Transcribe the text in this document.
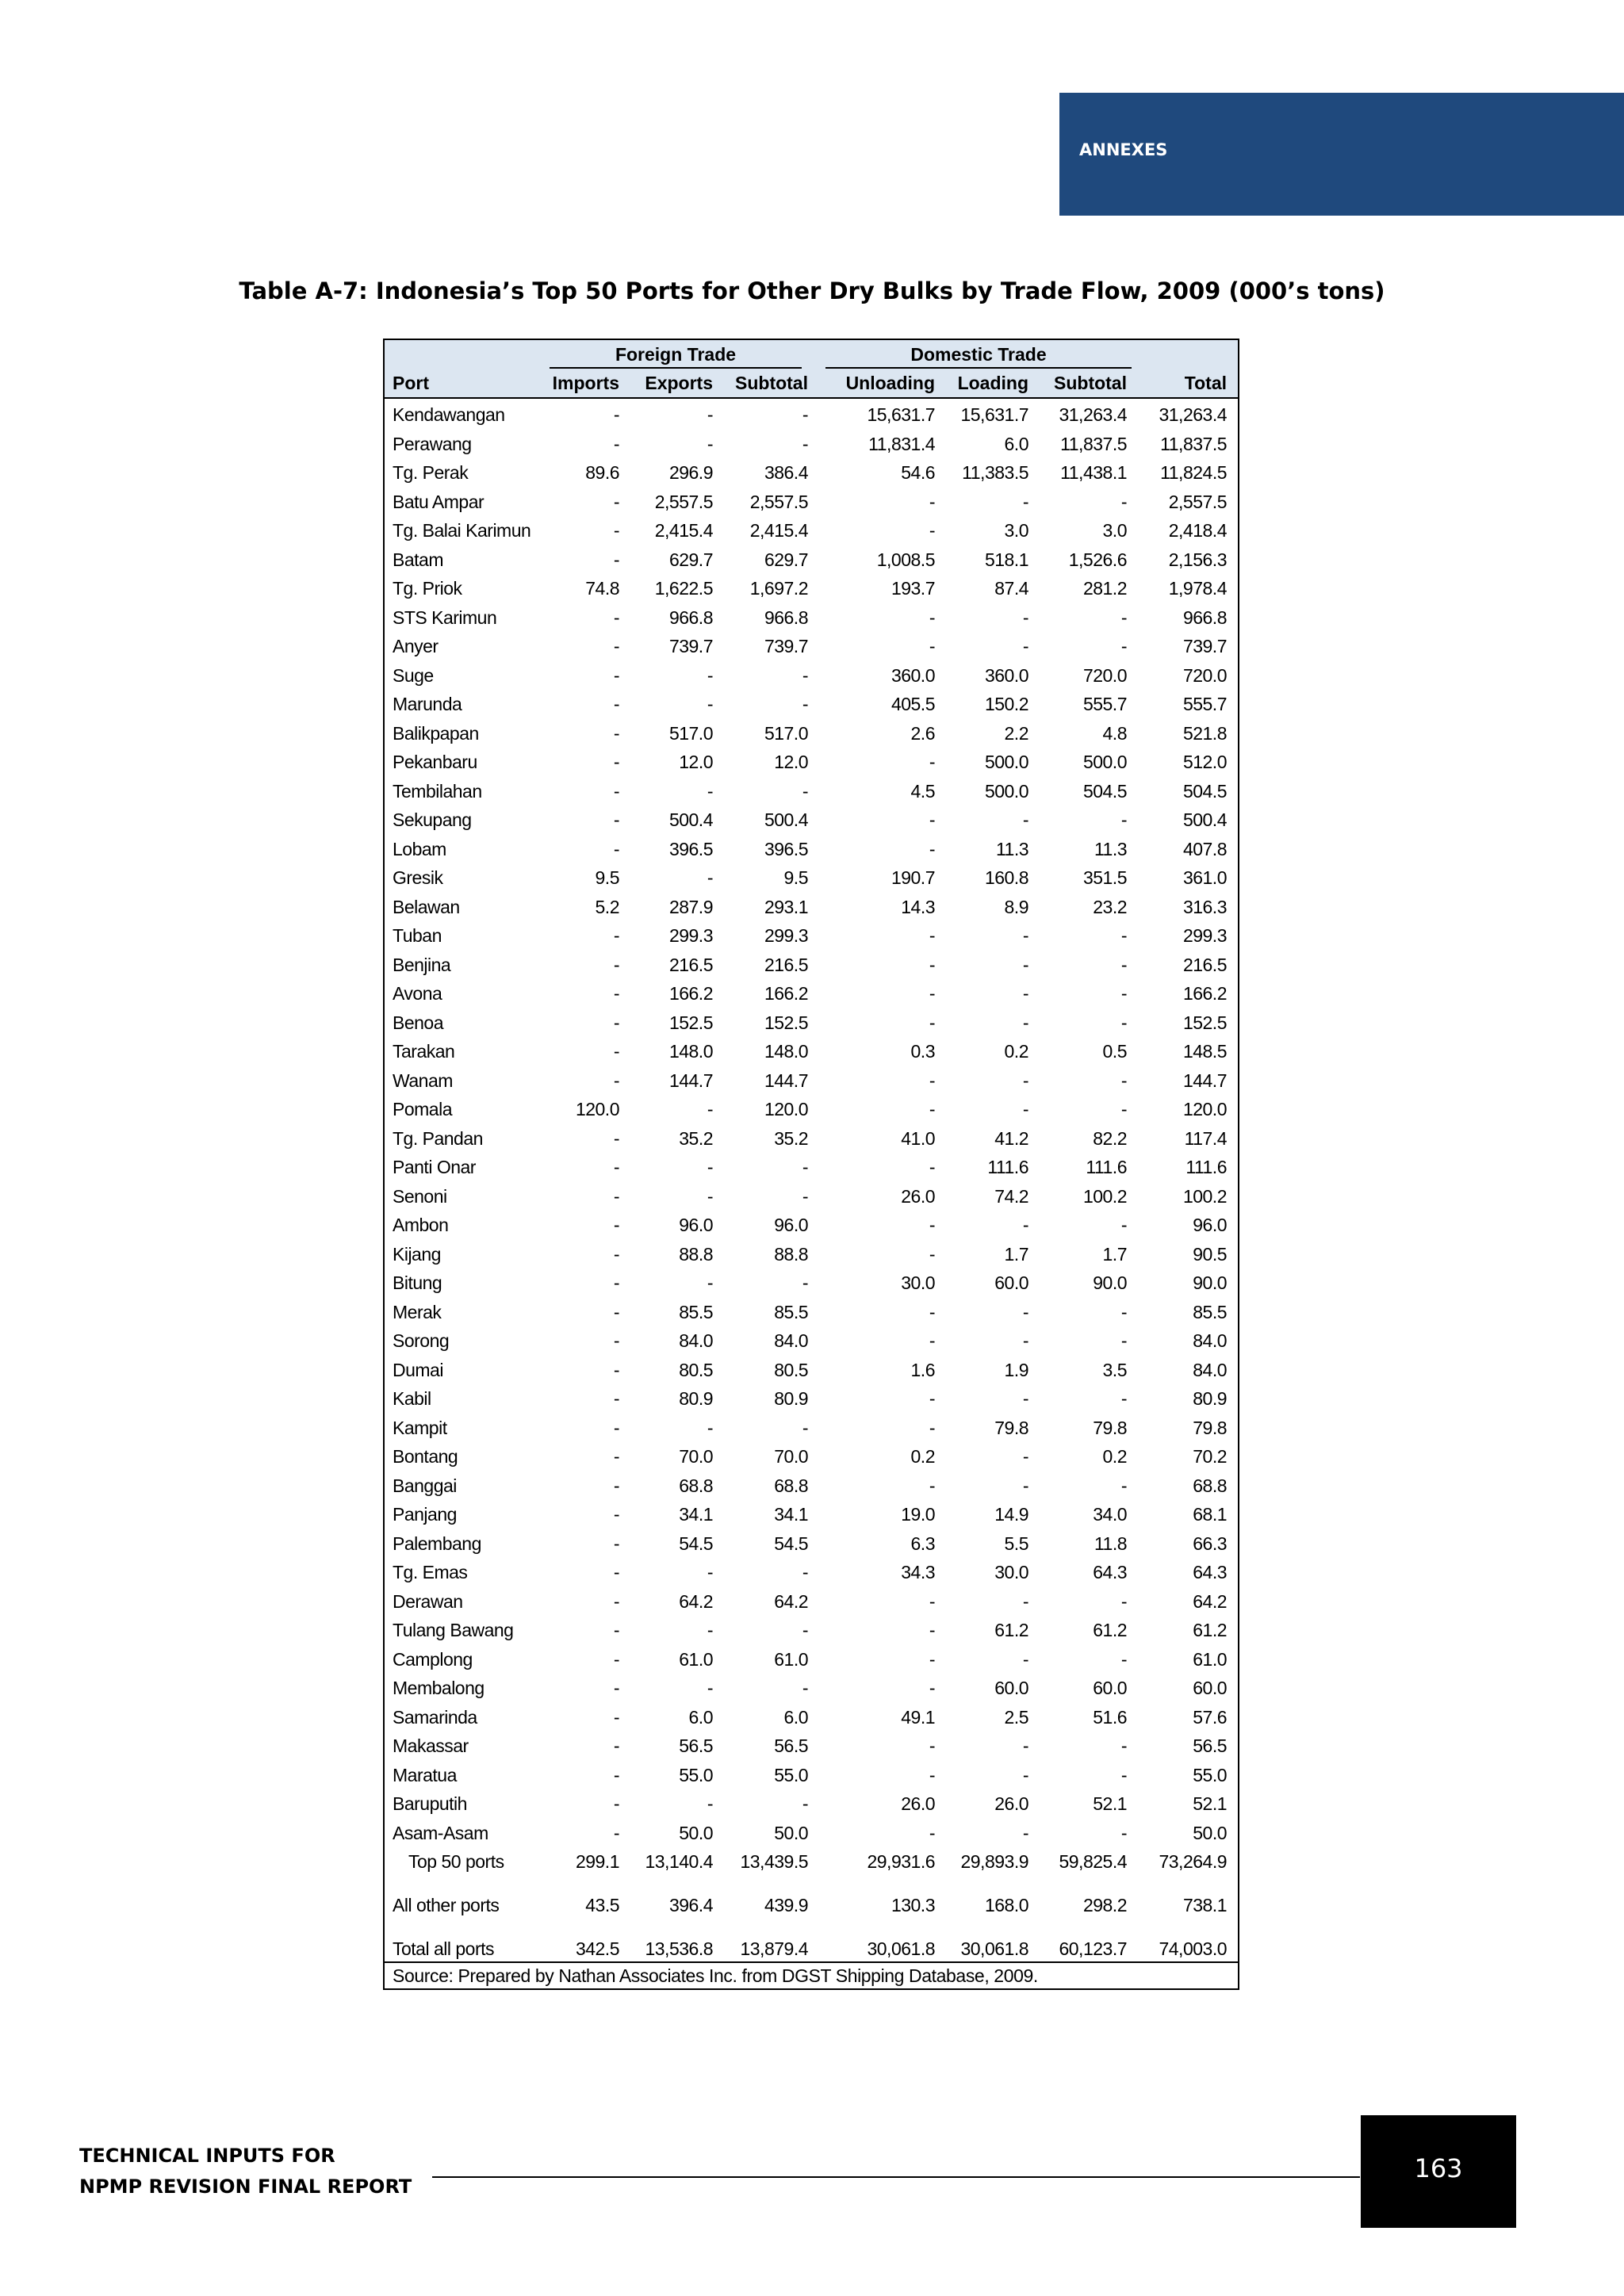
ANNEXES
Table A-7: Indonesia’s Top 50 Ports for Other Dry Bulks by Trade Flow, 2009 (000’s tons)
Foreign Trade	Domestic Trade
Port	Imports Exports Subtotal Unloading Loading Subtotal	Total
Kendawangan	-	-	-	15,631.7 15,631.7 31,263.4 31,263.4
Perawang	-	-	-	11,831.4	6.0 11,837.5 11,837.5
Tg. Perak	89.6	296.9	386.4	54.6 11,383.5 11,438.1 11,824.5
Batu Ampar	- 2,557.5 2,557.5	-	-	- 2,557.5
Tg. Balai Karimun	- 2,415.4 2,415.4	-	3.0	3.0 2,418.4
Batam	-	629.7	629.7	1,008.5	518.1 1,526.6 2,156.3
Tg. Priok	74.8 1,622.5 1,697.2	193.7	87.4	281.2 1,978.4
STS Karimun	-	966.8	966.8	-	-	-	966.8
Anyer	-	739.7	739.7	-	-	-	739.7
Suge	-	-	-	360.0	360.0	720.0	720.0
Marunda	-	-	-	405.5	150.2	555.7	555.7
Balikpapan	-	517.0	517.0	2.6	2.2	4.8	521.8
Pekanbaru	-	12.0	12.0	-	500.0	500.0	512.0
Tembilahan	-	-	-	4.5	500.0	504.5	504.5
Sekupang	-	500.4	500.4	-	-	-	500.4
Lobam	-	396.5	396.5	-	11.3	11.3	407.8
Gresik	9.5	-	9.5	190.7	160.8	351.5	361.0
Belawan	5.2	287.9	293.1	14.3	8.9	23.2	316.3
Tuban	-	299.3	299.3	-	-	-	299.3
Benjina	-	216.5	216.5	-	-	-	216.5
Avona	-	166.2	166.2	-	-	-	166.2
Benoa	-	152.5	152.5	-	-	-	152.5
Tarakan	-	148.0	148.0	0.3	0.2	0.5	148.5
Wanam	-	144.7	144.7	-	-	-	144.7
Pomala	120.0	-	120.0	-	-	-	120.0
Tg. Pandan	-	35.2	35.2	41.0	41.2	82.2	117.4
Panti Onar	-	-	-	-	111.6	111.6	111.6
Senoni	-	-	-	26.0	74.2	100.2	100.2
Ambon	-	96.0	96.0	-	-	-	96.0
Kijang	-	88.8	88.8	-	1.7	1.7	90.5
Bitung	-	-	-	30.0	60.0	90.0	90.0
Merak	-	85.5	85.5	-	-	-	85.5
Sorong	-	84.0	84.0	-	-	-	84.0
Dumai	-	80.5	80.5	1.6	1.9	3.5	84.0
Kabil	-	80.9	80.9	-	-	-	80.9
Kampit	-	-	-	-	79.8	79.8	79.8
Bontang	-	70.0	70.0	0.2	-	0.2	70.2
Banggai	-	68.8	68.8	-	-	-	68.8
Panjang	-	34.1	34.1	19.0	14.9	34.0	68.1
Palembang	-	54.5	54.5	6.3	5.5	11.8	66.3
Tg. Emas	-	-	-	34.3	30.0	64.3	64.3
Derawan	-	64.2	64.2	-	-	-	64.2
Tulang Bawang	-	-	-	-	61.2	61.2	61.2
Camplong	-	61.0	61.0	-	-	-	61.0
Membalong	-	-	-	-	60.0	60.0	60.0
Samarinda	-	6.0	6.0	49.1	2.5	51.6	57.6
Makassar	-	56.5	56.5	-	-	-	56.5
Maratua	-	55.0	55.0	-	-	-	55.0
Baruputih	-	-	-	26.0	26.0	52.1	52.1
Asam-Asam	-	50.0	50.0	-	-	-	50.0
Top 50 ports	299.1 13,140.4 13,439.5	29,931.6 29,893.9 59,825.4 73,264.9
All other ports	43.5	396.4	439.9	130.3	168.0	298.2	738.1
Total all ports	342.5 13,536.8 13,879.4	30,061.8 30,061.8 60,123.7 74,003.0
Source: Prepared by Nathan Associates Inc. from DGST Shipping Database, 2009.
TECHNICAL INPUTS FOR
NPMP REVISION FINAL REPORT
163
